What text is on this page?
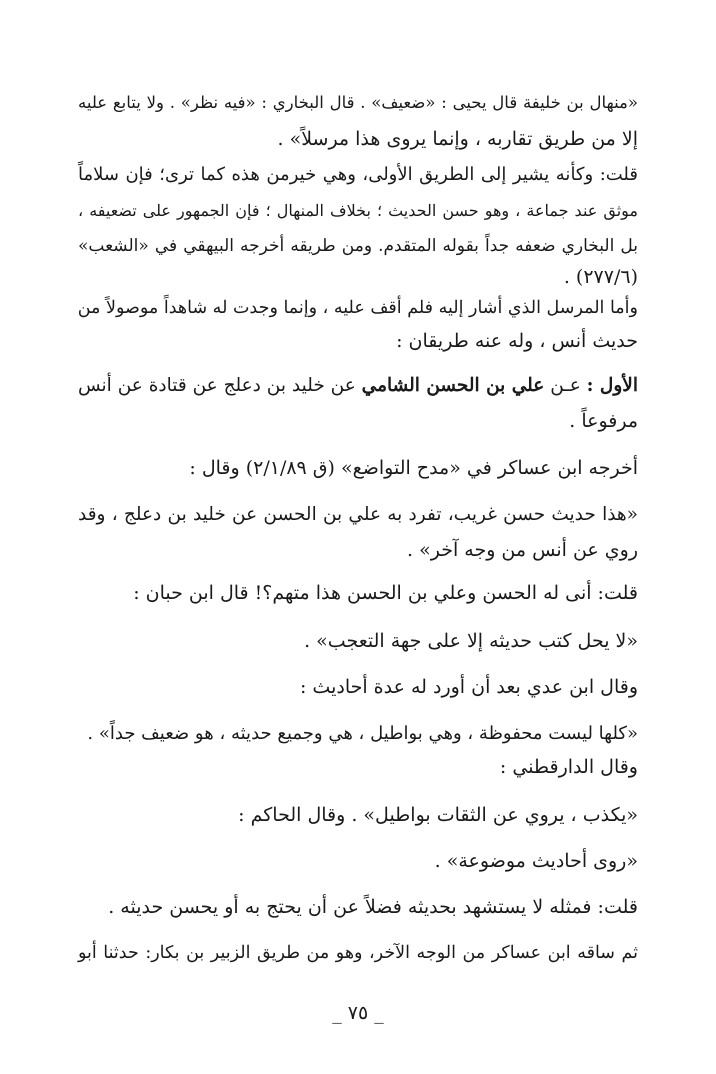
«منهال بن خليفة قال يحيى : «ضعيف» . قال البخاري : «فيه نظر» . ولا يتابع عليه
إلا من طريق تقاربه ، وإنما يروى هذا مرسلاً» .
قلت: وكأنه يشير إلى الطريق الأولى، وهي خيرمن هذه كما ترى؛ فإن سلاماً
موثق عند جماعة ، وهو حسن الحديث ؛ بخلاف المنهال ؛ فإن الجمهور على تضعيفه ،
بل البخاري ضعفه جداً بقوله المتقدم. ومن طريقه أخرجه البيهقي في «الشعب»
(٢٧٧/٦) .
وأما المرسل الذي أشار إليه فلم أقف عليه ، وإنما وجدت له شاهداً موصولاً من
حديث أنس ، وله عنه طريقان :
الأول : عـن علي بن الحسن الشامي عن خليد بن دعلج عن قتادة عن أنس
مرفوعاً .
أخرجه ابن عساكر في «مدح التواضع» (ق ٢/١/٨٩) وقال :
«هذا حديث حسن غريب، تفرد به علي بن الحسن عن خليد بن دعلج ، وقد
روي عن أنس من وجه آخر» .
قلت: أنى له الحسن وعلي بن الحسن هذا متهم؟! قال ابن حبان :
«لا يحل كتب حديثه إلا على جهة التعجب» .
وقال ابن عدي بعد أن أورد له عدة أحاديث :
«كلها ليست محفوظة ، وهي بواطيل ، هي وجميع حديثه ، هو ضعيف جداً» .
وقال الدارقطني :
«يكذب ، يروي عن الثقات بواطيل» . وقال الحاكم :
«روى أحاديث موضوعة» .
قلت: فمثله لا يستشهد بحديثه فضلاً عن أن يحتج به أو يحسن حديثه .
ثم ساقه ابن عساكر من الوجه الآخر، وهو من طريق الزبير بن بكار: حدثنا أبو
_ ٧٥ _
